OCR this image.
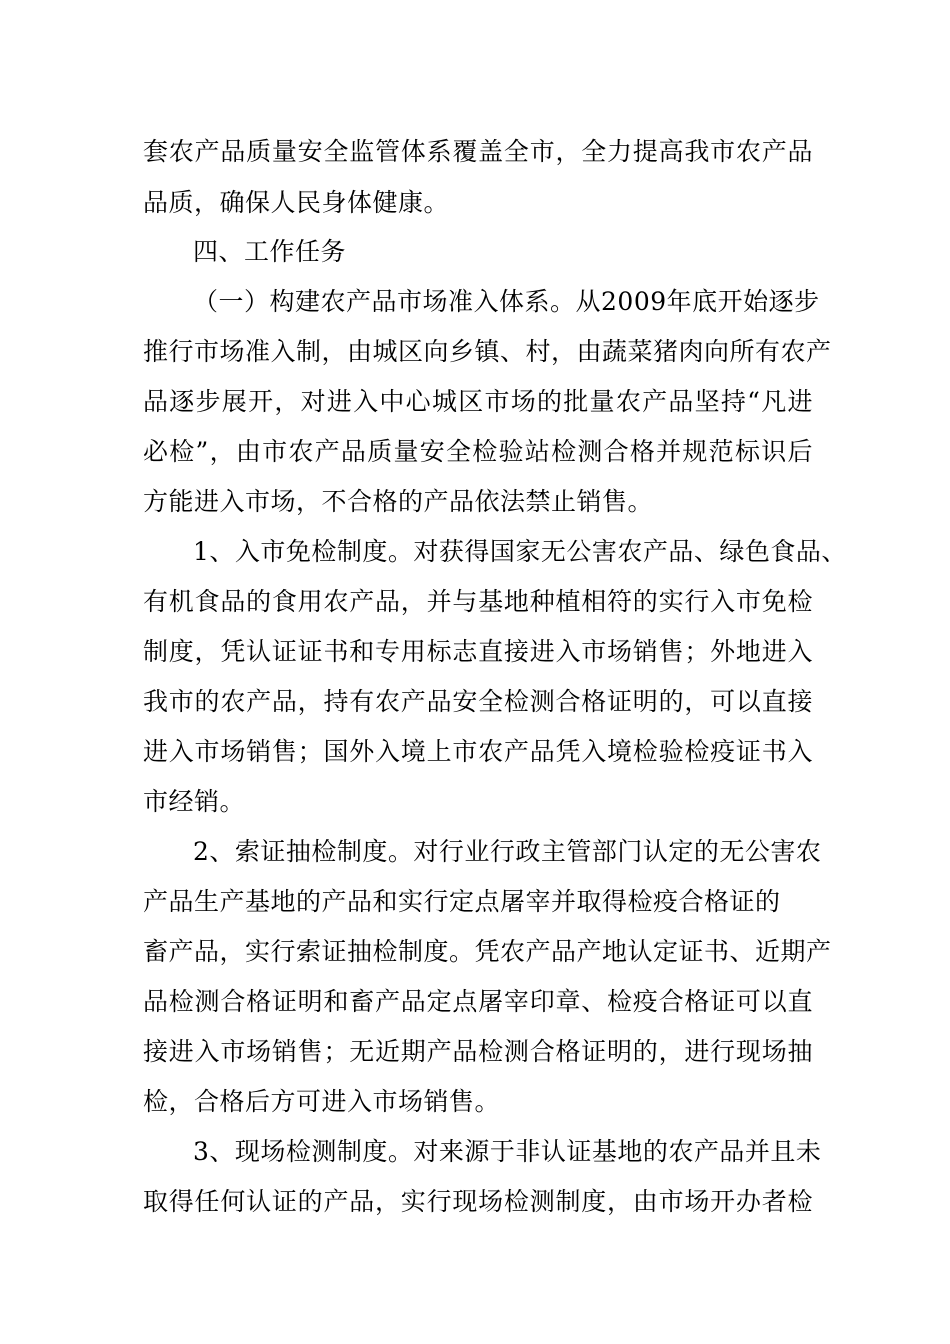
套农产品质量安全监管体系覆盖全市，全力提高我市农产品
品质，确保人民身体健康。
四、工作任务
（一）构建农产品市场准入体系。从2009年底开始逐步
推行市场准入制，由城区向乡镇、村，由蔬菜猪肉向所有农产
品逐步展开，对进入中心城区市场的批量农产品坚持“凡进
必检”，由市农产品质量安全检验站检测合格并规范标识后
方能进入市场，不合格的产品依法禁止销售。
1、入市免检制度。对获得国家无公害农产品、绿色食品、
有机食品的食用农产品，并与基地种植相符的实行入市免检
制度，凭认证证书和专用标志直接进入市场销售；外地进入
我市的农产品，持有农产品安全检测合格证明的，可以直接
进入市场销售；国外入境上市农产品凭入境检验检疫证书入
市经销。
2、索证抽检制度。对行业行政主管部门认定的无公害农
产品生产基地的产品和实行定点屠宰并取得检疫合格证的
畜产品，实行索证抽检制度。凭农产品产地认定证书、近期产
品检测合格证明和畜产品定点屠宰印章、检疫合格证可以直
接进入市场销售；无近期产品检测合格证明的，进行现场抽
检，合格后方可进入市场销售。
3、现场检测制度。对来源于非认证基地的农产品并且未
取得任何认证的产品，实行现场检测制度，由市场开办者检
